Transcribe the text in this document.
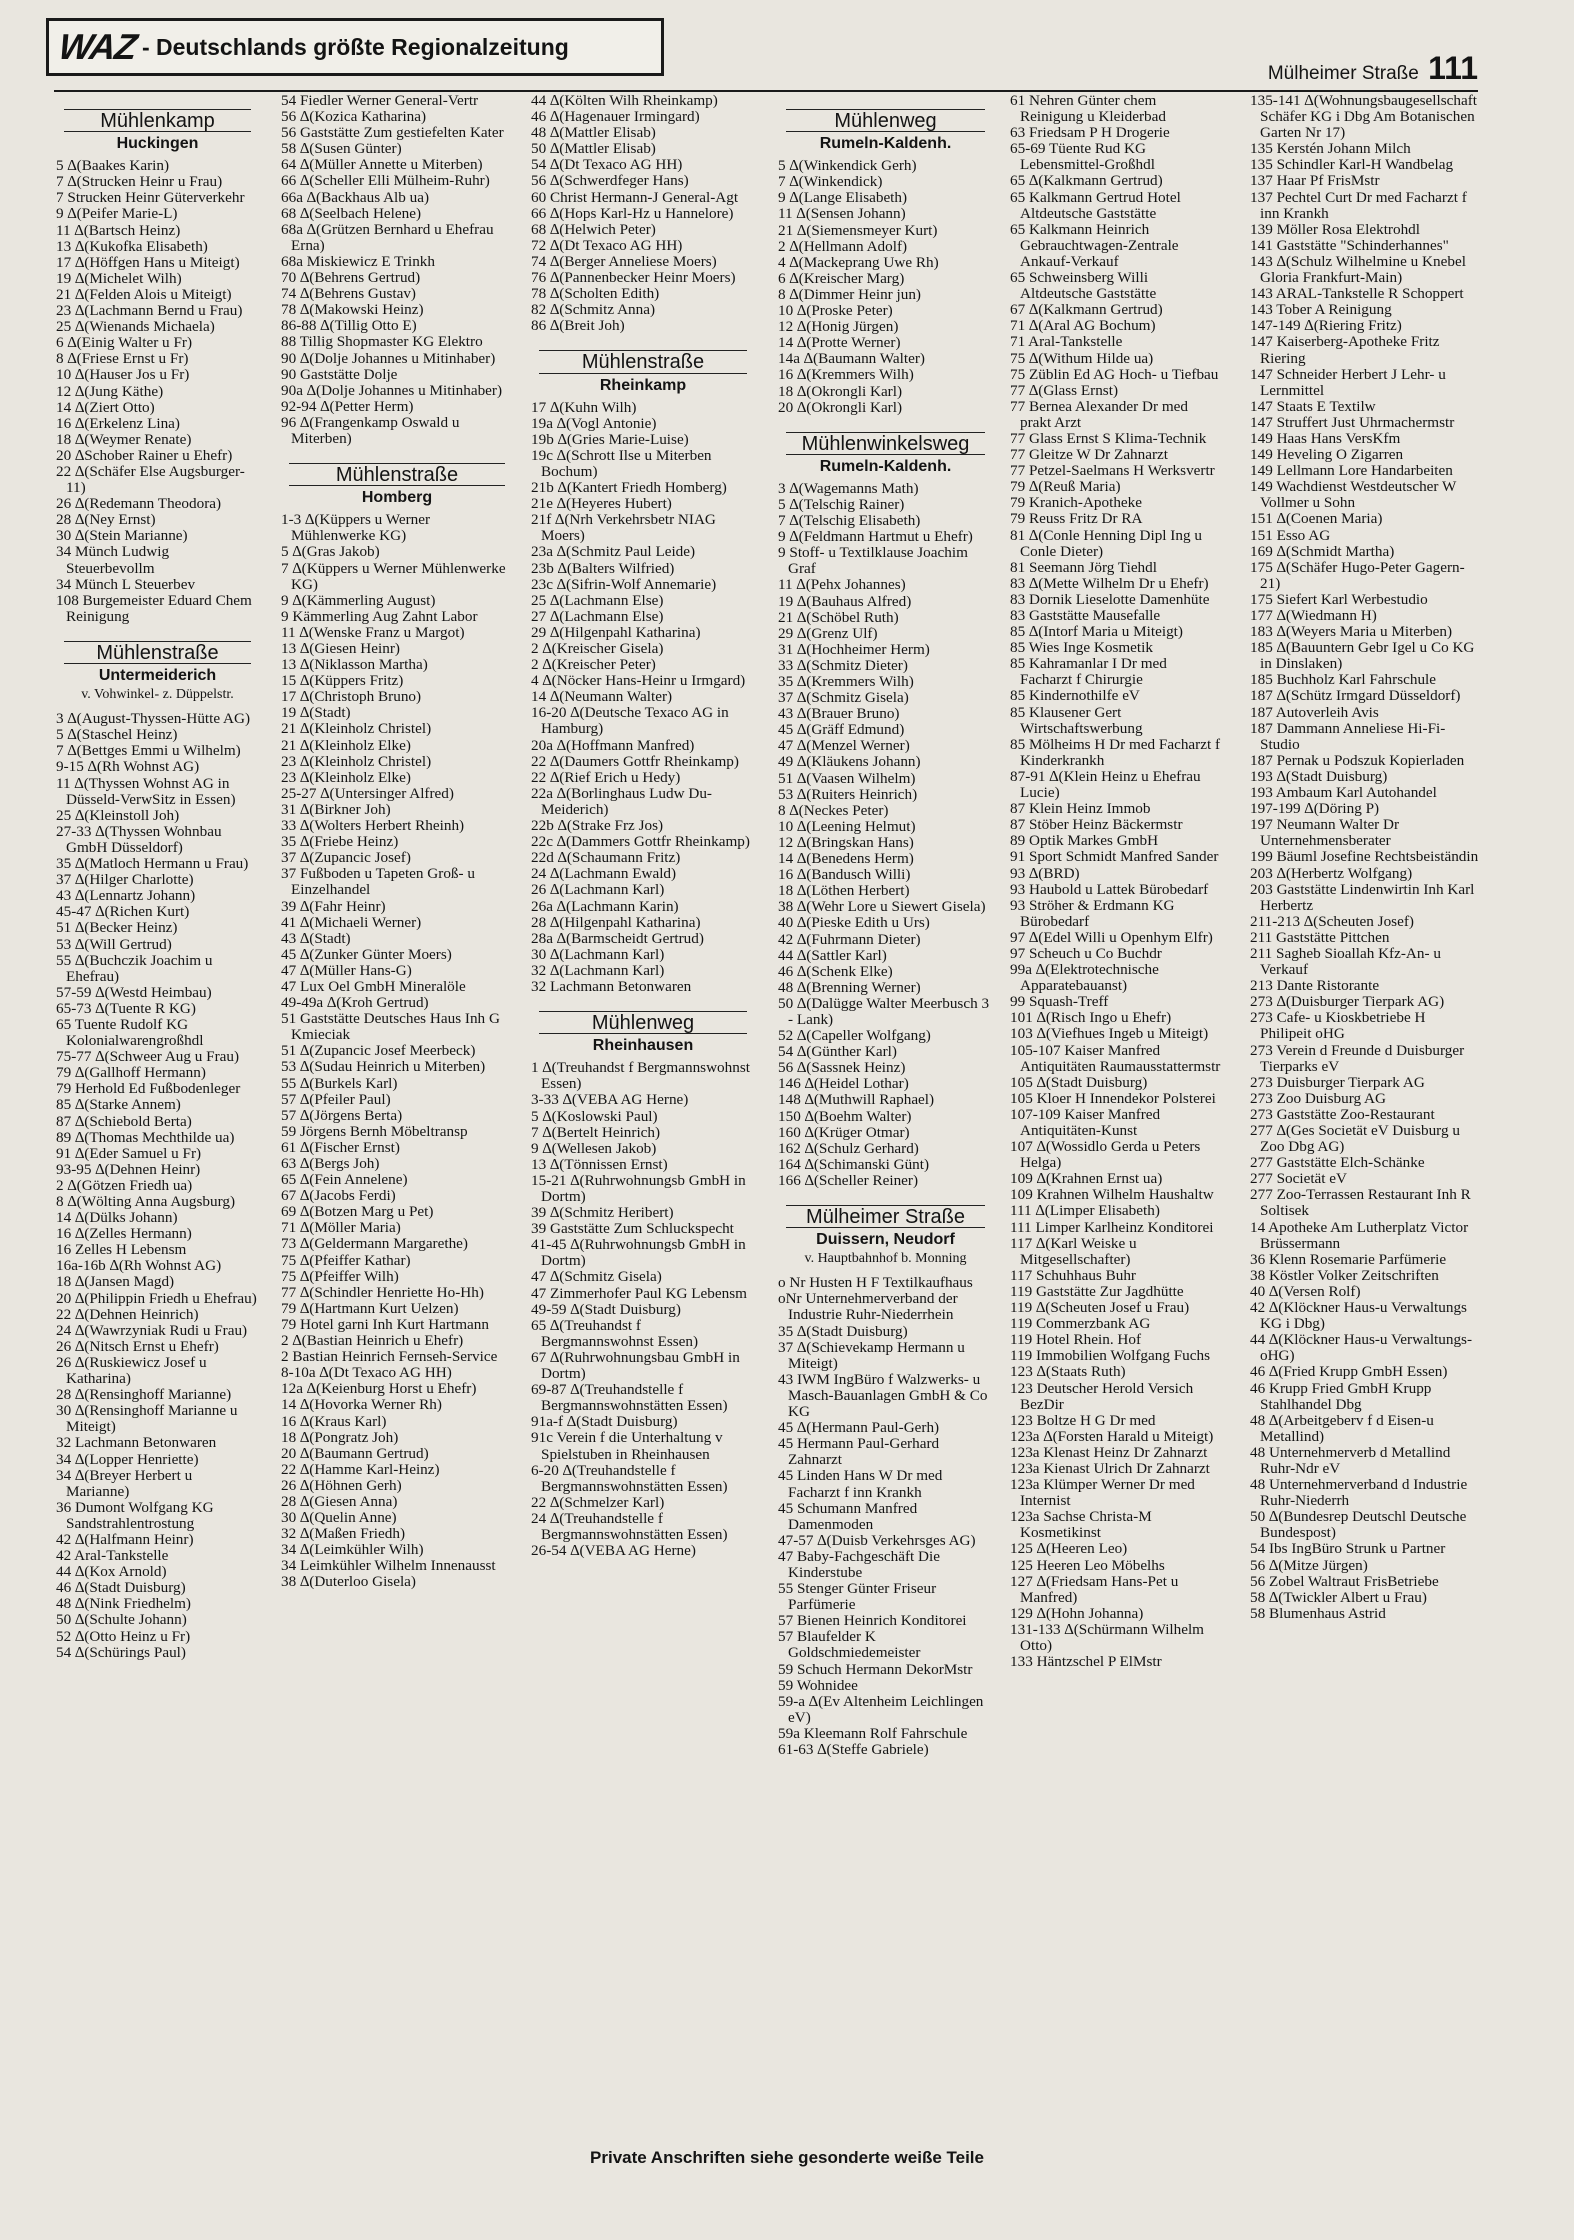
WAZ - Deutschlands größte Regionalzeitung
Mülheimer Straße 111
Mühlenkamp
Huckingen
5 ∆(Baakes Karin)
7 ∆(Strucken Heinr u Frau)
7 Strucken Heinr Güterverkehr
9 ∆(Peifer Marie-L)
11 ∆(Bartsch Heinz)
13 ∆(Kukofka Elisabeth)
17 ∆(Höffgen Hans u Miteigt)
19 ∆(Michelet Wilh)
21 ∆(Felden Alois u Miteigt)
23 ∆(Lachmann Bernd u Frau)
25 ∆(Wienands Michaela)
6 ∆(Einig Walter u Fr)
8 ∆(Friese Ernst u Fr)
10 ∆(Hauser Jos u Fr)
12 ∆(Jung Käthe)
14 ∆(Ziert Otto)
16 ∆(Erkelenz Lina)
18 ∆(Weymer Renate)
20 ∆Schober Rainer u Ehefr)
22 ∆(Schäfer Else Augsburger-11)
26 ∆(Redemann Theodora)
28 ∆(Ney Ernst)
30 ∆(Stein Marianne)
34 Münch Ludwig Steuerbevollm
34 Münch L Steuerbev
108 Burgemeister Eduard Chem Reinigung
Mühlenstraße
Untermeiderich
v. Vohwinkel- z. Düppelstr.
3 ∆(August-Thyssen-Hütte AG)
5 ∆(Staschel Heinz)
7 ∆(Bettges Emmi u Wilhelm)
9-15 ∆(Rh Wohnst AG)
11 ∆(Thyssen Wohnst AG in Düsseld-VerwSitz in Essen)
25 ∆(Kleinstoll Joh)
27-33 ∆(Thyssen Wohnbau GmbH Düsseldorf)
35 ∆(Matloch Hermann u Frau)
37 ∆(Hilger Charlotte)
43 ∆(Lennartz Johann)
45-47 ∆(Richen Kurt)
51 ∆(Becker Heinz)
53 ∆(Will Gertrud)
55 ∆(Buchczik Joachim u Ehefrau)
57-59 ∆(Westd Heimbau)
65-73 ∆(Tuente R KG)
65 Tuente Rudolf KG Kolonialwarengroßhdl
75-77 ∆(Schweer Aug u Frau)
79 ∆(Gallhoff Hermann)
79 Herhold Ed Fußbodenleger
85 ∆(Starke Annem)
87 ∆(Schiebold Berta)
89 ∆(Thomas Mechthilde ua)
91 ∆(Eder Samuel u Fr)
93-95 ∆(Dehnen Heinr)
2 ∆(Götzen Friedh ua)
8 ∆(Wölting Anna Augsburg)
14 ∆(Dülks Johann)
16 ∆(Zelles Hermann)
16 Zelles H Lebensm
16a-16b ∆(Rh Wohnst AG)
18 ∆(Jansen Magd)
20 ∆(Philippin Friedh u Ehefrau)
22 ∆(Dehnen Heinrich)
24 ∆(Wawrzyniak Rudi u Frau)
26 ∆(Nitsch Ernst u Ehefr)
26 ∆(Ruskiewicz Josef u Katharina)
28 ∆(Rensinghoff Marianne)
30 ∆(Rensinghoff Marianne u Miteigt)
32 Lachmann Betonwaren
34 ∆(Lopper Henriette)
34 ∆(Breyer Herbert u Marianne)
36 Dumont Wolfgang KG Sandstrahlentrostung
42 ∆(Halfmann Heinr)
42 Aral-Tankstelle
44 ∆(Kox Arnold)
46 ∆(Stadt Duisburg)
48 ∆(Nink Friedhelm)
50 ∆(Schulte Johann)
52 ∆(Otto Heinz u Fr)
54 ∆(Schürings Paul)
54 Fiedler Werner General-Vertr
56 ∆(Kozica Katharina)
56 Gaststätte Zum gestiefelten Kater
58 ∆(Susen Günter)
64 ∆(Müller Annette u Miterben)
66 ∆(Scheller Elli Mülheim-Ruhr)
66a ∆(Backhaus Alb ua)
68 ∆(Seelbach Helene)
68a ∆(Grützen Bernhard u Ehefrau Erna)
68a Miskiewicz E Trinkh
70 ∆(Behrens Gertrud)
74 ∆(Behrens Gustav)
78 ∆(Makowski Heinz)
86-88 ∆(Tillig Otto E)
88 Tillig Shopmaster KG Elektro
90 ∆(Dolje Johannes u Mitinhaber)
90 Gaststätte Dolje
90a ∆(Dolje Johannes u Mitinhaber)
92-94 ∆(Petter Herm)
96 ∆(Frangenkamp Oswald u Miterben)
Mühlenstraße
Homberg
1-3 ∆(Küppers u Werner Mühlenwerke KG)
5 ∆(Gras Jakob)
7 ∆(Küppers u Werner Mühlenwerke KG)
9 ∆(Kämmerling August)
9 Kämmerling Aug Zahnt Labor
11 ∆(Wenske Franz u Margot)
13 ∆(Giesen Heinr)
13 ∆(Niklasson Martha)
15 ∆(Küppers Fritz)
17 ∆(Christoph Bruno)
19 ∆(Stadt)
21 ∆(Kleinholz Christel)
21 ∆(Kleinholz Elke)
23 ∆(Kleinholz Christel)
23 ∆(Kleinholz Elke)
25-27 ∆(Untersinger Alfred)
31 ∆(Birkner Joh)
33 ∆(Wolters Herbert Rheinh)
35 ∆(Friebe Heinz)
37 ∆(Zupancic Josef)
37 Fußboden u Tapeten Groß- u Einzelhandel
39 ∆(Fahr Heinr)
41 ∆(Michaeli Werner)
43 ∆(Stadt)
45 ∆(Zunker Günter Moers)
47 ∆(Müller Hans-G)
47 Lux Oel GmbH Mineralöle
49-49a ∆(Kroh Gertrud)
51 Gaststätte Deutsches Haus Inh G Kmieciak
51 ∆(Zupancic Josef Meerbeck)
53 ∆(Sudau Heinrich u Miterben)
55 ∆(Burkels Karl)
57 ∆(Pfeiler Paul)
57 ∆(Jörgens Berta)
59 Jörgens Bernh Möbeltransp
61 ∆(Fischer Ernst)
63 ∆(Bergs Joh)
65 ∆(Fein Annelene)
67 ∆(Jacobs Ferdi)
69 ∆(Botzen Marg u Pet)
71 ∆(Möller Maria)
73 ∆(Geldermann Margarethe)
75 ∆(Pfeiffer Kathar)
75 ∆(Pfeiffer Wilh)
77 ∆(Schindler Henriette Ho-Hh)
79 ∆(Hartmann Kurt Uelzen)
79 Hotel garni Inh Kurt Hartmann
2 ∆(Bastian Heinrich u Ehefr)
2 Bastian Heinrich Fernseh-Service
8-10a ∆(Dt Texaco AG HH)
12a ∆(Keienburg Horst u Ehefr)
14 ∆(Hovorka Werner Rh)
16 ∆(Kraus Karl)
18 ∆(Pongratz Joh)
20 ∆(Baumann Gertrud)
22 ∆(Hamme Karl-Heinz)
26 ∆(Höhnen Gerh)
28 ∆(Giesen Anna)
30 ∆(Quelin Anne)
32 ∆(Maßen Friedh)
34 ∆(Leimkühler Wilh)
34 Leimkühler Wilhelm Innenausst
38 ∆(Duterloo Gisela)
44 ∆(Költen Wilh Rheinkamp)
46 ∆(Hagenauer Irmingard)
48 ∆(Mattler Elisab)
50 ∆(Mattler Elisab)
54 ∆(Dt Texaco AG HH)
56 ∆(Schwerdfeger Hans)
60 Christ Hermann-J General-Agt
66 ∆(Hops Karl-Hz u Hannelore)
68 ∆(Helwich Peter)
72 ∆(Dt Texaco AG HH)
74 ∆(Berger Anneliese Moers)
76 ∆(Pannenbecker Heinr Moers)
78 ∆(Scholten Edith)
82 ∆(Schmitz Anna)
86 ∆(Breit Joh)
Mühlenstraße
Rheinkamp
17 ∆(Kuhn Wilh)
19a ∆(Vogl Antonie)
19b ∆(Gries Marie-Luise)
19c ∆(Schrott Ilse u Miterben Bochum)
21b ∆(Kantert Friedh Homberg)
21e ∆(Heyeres Hubert)
21f ∆(Nrh Verkehrsbetr NIAG Moers)
23a ∆(Schmitz Paul Leide)
23b ∆(Balters Wilfried)
23c ∆(Sifrin-Wolf Annemarie)
25 ∆(Lachmann Else)
27 ∆(Lachmann Else)
29 ∆(Hilgenpahl Katharina)
2 ∆(Kreischer Gisela)
2 ∆(Kreischer Peter)
4 ∆(Nöcker Hans-Heinr u Irmgard)
14 ∆(Neumann Walter)
16-20 ∆(Deutsche Texaco AG in Hamburg)
20a ∆(Hoffmann Manfred)
22 ∆(Daumers Gottfr Rheinkamp)
22 ∆(Rief Erich u Hedy)
22a ∆(Borlinghaus Ludw Du-Meiderich)
22b ∆(Strake Frz Jos)
22c ∆(Dammers Gottfr Rheinkamp)
22d ∆(Schaumann Fritz)
24 ∆(Lachmann Ewald)
26 ∆(Lachmann Karl)
26a ∆(Lachmann Karin)
28 ∆(Hilgenpahl Katharina)
28a ∆(Barmscheidt Gertrud)
30 ∆(Lachmann Karl)
32 ∆(Lachmann Karl)
32 Lachmann Betonwaren
Mühlenweg
Rheinhausen
1 ∆(Treuhandst f Bergmannswohnst Essen)
3-33 ∆(VEBA AG Herne)
5 ∆(Koslowski Paul)
7 ∆(Bertelt Heinrich)
9 ∆(Wellesen Jakob)
13 ∆(Tönnissen Ernst)
15-21 ∆(Ruhrwohnungsb GmbH in Dortm)
39 ∆(Schmitz Heribert)
39 Gaststätte Zum Schluckspecht
41-45 ∆(Ruhrwohnungsb GmbH in Dortm)
47 ∆(Schmitz Gisela)
47 Zimmerhofer Paul KG Lebensm
49-59 ∆(Stadt Duisburg)
65 ∆(Treuhandst f Bergmannswohnst Essen)
67 ∆(Ruhrwohnungsbau GmbH in Dortm)
69-87 ∆(Treuhandstelle f Bergmannswohnstätten Essen)
91a-f ∆(Stadt Duisburg)
91c Verein f die Unterhaltung v Spielstuben in Rheinhausen
6-20 ∆(Treuhandstelle f Bergmannswohnstätten Essen)
22 ∆(Schmelzer Karl)
24 ∆(Treuhandstelle f Bergmannswohnstätten Essen)
26-54 ∆(VEBA AG Herne)
Mühlenweg
Rumeln-Kaldenh.
5 ∆(Winkendick Gerh)
7 ∆(Winkendick)
9 ∆(Lange Elisabeth)
11 ∆(Sensen Johann)
21 ∆(Siemensmeyer Kurt)
2 ∆(Hellmann Adolf)
4 ∆(Mackeprang Uwe Rh)
6 ∆(Kreischer Marg)
8 ∆(Dimmer Heinr jun)
10 ∆(Proske Peter)
12 ∆(Honig Jürgen)
14 ∆(Protte Werner)
14a ∆(Baumann Walter)
16 ∆(Kremmers Wilh)
18 ∆(Okrongli Karl)
20 ∆(Okrongli Karl)
Mühlenwinkelsweg
Rumeln-Kaldenh.
3 ∆(Wagemanns Math)
5 ∆(Telschig Rainer)
7 ∆(Telschig Elisabeth)
9 ∆(Feldmann Hartmut u Ehefr)
9 Stoff- u Textilklause Joachim Graf
11 ∆(Pehx Johannes)
19 ∆(Bauhaus Alfred)
21 ∆(Schöbel Ruth)
29 ∆(Grenz Ulf)
31 ∆(Hochheimer Herm)
33 ∆(Schmitz Dieter)
35 ∆(Kremmers Wilh)
37 ∆(Schmitz Gisela)
43 ∆(Brauer Bruno)
45 ∆(Gräff Edmund)
47 ∆(Menzel Werner)
49 ∆(Kläukens Johann)
51 ∆(Vaasen Wilhelm)
53 ∆(Ruiters Heinrich)
8 ∆(Neckes Peter)
10 ∆(Leening Helmut)
12 ∆(Bringskan Hans)
14 ∆(Benedens Herm)
16 ∆(Bandusch Willi)
18 ∆(Löthen Herbert)
38 ∆(Wehr Lore u Siewert Gisela)
40 ∆(Pieske Edith u Urs)
42 ∆(Fuhrmann Dieter)
44 ∆(Sattler Karl)
46 ∆(Schenk Elke)
48 ∆(Brenning Werner)
50 ∆(Dalügge Walter Meerbusch 3 - Lank)
52 ∆(Capeller Wolfgang)
54 ∆(Günther Karl)
56 ∆(Sassnek Heinz)
146 ∆(Heidel Lothar)
148 ∆(Muthwill Raphael)
150 ∆(Boehm Walter)
160 ∆(Krüger Otmar)
162 ∆(Schulz Gerhard)
164 ∆(Schimanski Günt)
166 ∆(Scheller Reiner)
Mülheimer Straße
Duissern, Neudorf
v. Hauptbahnhof b. Monning
o Nr Husten H F Textilkaufhaus
oNr Unternehmerverband der Industrie Ruhr-Niederrhein
35 ∆(Stadt Duisburg)
37 ∆(Schievekamp Hermann u Miteigt)
43 IWM IngBüro f Walzwerks- u Masch-Bauanlagen GmbH & Co KG
45 ∆(Hermann Paul-Gerh)
45 Hermann Paul-Gerhard Zahnarzt
45 Linden Hans W Dr med Facharzt f inn Krankh
45 Schumann Manfred Damenmoden
47-57 ∆(Duisb Verkehrsges AG)
47 Baby-Fachgeschäft Die Kinderstube
55 Stenger Günter Friseur Parfümerie
57 Bienen Heinrich Konditorei
57 Blaufelder K Goldschmiedemeister
59 Schuch Hermann DekorMstr
59 Wohnidee
59-a ∆(Ev Altenheim Leichlingen eV)
59a Kleemann Rolf Fahrschule
61-63 ∆(Steffe Gabriele)
61 Nehren Günter chem Reinigung u Kleiderbad
63 Friedsam P H Drogerie
65-69 Tüente Rud KG Lebensmittel-Großhdl
65 ∆(Kalkmann Gertrud)
65 Kalkmann Gertrud Hotel Altdeutsche Gaststätte
65 Kalkmann Heinrich Gebrauchtwagen-Zentrale Ankauf-Verkauf
65 Schweinsberg Willi Altdeutsche Gaststätte
67 ∆(Kalkmann Gertrud)
71 ∆(Aral AG Bochum)
71 Aral-Tankstelle
75 ∆(Withum Hilde ua)
75 Züblin Ed AG Hoch- u Tiefbau
77 ∆(Glass Ernst)
77 Bernea Alexander Dr med prakt Arzt
77 Glass Ernst S Klima-Technik
77 Gleitze W Dr Zahnarzt
77 Petzel-Saelmans H Werksvertr
79 ∆(Reuß Maria)
79 Kranich-Apotheke
79 Reuss Fritz Dr RA
81 ∆(Conle Henning Dipl Ing u Conle Dieter)
81 Seemann Jörg Tiehdl
83 ∆(Mette Wilhelm Dr u Ehefr)
83 Dornik Lieselotte Damenhüte
83 Gaststätte Mausefalle
85 ∆(Intorf Maria u Miteigt)
85 Wies Inge Kosmetik
85 Kahramanlar I Dr med Facharzt f Chirurgie
85 Kindernothilfe eV
85 Klausener Gert Wirtschaftswerbung
85 Mölheims H Dr med Facharzt f Kinderkrankh
87-91 ∆(Klein Heinz u Ehefrau Lucie)
87 Klein Heinz Immob
87 Stöber Heinz Bäckermstr
89 Optik Markes GmbH
91 Sport Schmidt Manfred Sander
93 ∆(BRD)
93 Haubold u Lattek Bürobedarf
93 Ströher & Erdmann KG Bürobedarf
97 ∆(Edel Willi u Openhym Elfr)
97 Scheuch u Co Buchdr
99a ∆(Elektrotechnische Apparatebauanst)
99 Squash-Treff
101 ∆(Risch Ingo u Ehefr)
103 ∆(Viefhues Ingeb u Miteigt)
105-107 Kaiser Manfred Antiquitäten Raumausstattermstr
105 ∆(Stadt Duisburg)
105 Kloer H Innendekor Polsterei
107-109 Kaiser Manfred Antiquitäten-Kunst
107 ∆(Wossidlo Gerda u Peters Helga)
109 ∆(Krahnen Ernst ua)
109 Krahnen Wilhelm Haushaltw
111 ∆(Limper Elisabeth)
111 Limper Karlheinz Konditorei
117 ∆(Karl Weiske u Mitgesellschafter)
117 Schuhhaus Buhr
119 Gaststätte Zur Jagdhütte
119 ∆(Scheuten Josef u Frau)
119 Commerzbank AG
119 Hotel Rhein. Hof
119 Immobilien Wolfgang Fuchs
123 ∆(Staats Ruth)
123 Deutscher Herold Versich BezDir
123 Boltze H G Dr med
123a ∆(Forsten Harald u Miteigt)
123a Klenast Heinz Dr Zahnarzt
123a Kienast Ulrich Dr Zahnarzt
123a Klümper Werner Dr med Internist
123a Sachse Christa-M Kosmetikinst
125 ∆(Heeren Leo)
125 Heeren Leo Möbelhs
127 ∆(Friedsam Hans-Pet u Manfred)
129 ∆(Hohn Johanna)
131-133 ∆(Schürmann Wilhelm Otto)
133 Häntzschel P ElMstr
135-141 ∆(Wohnungsbaugesellschaft Schäfer KG i Dbg Am Botanischen Garten Nr 17)
135 Kerstén Johann Milch
135 Schindler Karl-H Wandbelag
137 Haar Pf FrisMstr
137 Pechtel Curt Dr med Facharzt f inn Krankh
139 Möller Rosa Elektrohdl
141 Gaststätte "Schinderhannes"
143 ∆(Schulz Wilhelmine u Knebel Gloria Frankfurt-Main)
143 ARAL-Tankstelle R Schoppert
143 Tober A Reinigung
147-149 ∆(Riering Fritz)
147 Kaiserberg-Apotheke Fritz Riering
147 Schneider Herbert J Lehr- u Lernmittel
147 Staats E Textilw
147 Struffert Just Uhrmachermstr
149 Haas Hans VersKfm
149 Heveling O Zigarren
149 Lellmann Lore Handarbeiten
149 Wachdienst Westdeutscher W Vollmer u Sohn
151 ∆(Coenen Maria)
151 Esso AG
169 ∆(Schmidt Martha)
175 ∆(Schäfer Hugo-Peter Gagern-21)
175 Siefert Karl Werbestudio
177 ∆(Wiedmann H)
183 ∆(Weyers Maria u Miterben)
185 ∆(Bauuntern Gebr Igel u Co KG in Dinslaken)
185 Buchholz Karl Fahrschule
187 ∆(Schütz Irmgard Düsseldorf)
187 Autoverleih Avis
187 Dammann Anneliese Hi-Fi-Studio
187 Pernak u Podszuk Kopierladen
193 ∆(Stadt Duisburg)
193 Ambaum Karl Autohandel
197-199 ∆(Döring P)
197 Neumann Walter Dr Unternehmensberater
199 Bäuml Josefine Rechtsbeiständin
203 ∆(Herbertz Wolfgang)
203 Gaststätte Lindenwirtin Inh Karl Herbertz
211-213 ∆(Scheuten Josef)
211 Gaststätte Pittchen
211 Sagheb Sioallah Kfz-An- u Verkauf
213 Dante Ristorante
273 ∆(Duisburger Tierpark AG)
273 Cafe- u Kioskbetriebe H Philipeit oHG
273 Verein d Freunde d Duisburger Tierparks eV
273 Duisburger Tierpark AG
273 Zoo Duisburg AG
273 Gaststätte Zoo-Restaurant
277 ∆(Ges Societät eV Duisburg u Zoo Dbg AG)
277 Gaststätte Elch-Schänke
277 Societät eV
277 Zoo-Terrassen Restaurant Inh R Soltisek
14 Apotheke Am Lutherplatz Victor Brüssermann
36 Klenn Rosemarie Parfümerie
38 Köstler Volker Zeitschriften
40 ∆(Versen Rolf)
42 ∆(Klöckner Haus-u Verwaltungs KG i Dbg)
44 ∆(Klöckner Haus-u Verwaltungs-oHG)
46 ∆(Fried Krupp GmbH Essen)
46 Krupp Fried GmbH Krupp Stahlhandel Dbg
48 ∆(Arbeitgeberv f d Eisen-u Metallind)
48 Unternehmerverb d Metallind Ruhr-Ndr eV
48 Unternehmerverband d Industrie Ruhr-Niederrh
50 ∆(Bundesrep Deutschl Deutsche Bundespost)
54 Ibs IngBüro Strunk u Partner
56 ∆(Mitze Jürgen)
56 Zobel Waltraut FrisBetriebe
58 ∆(Twickler Albert u Frau)
58 Blumenhaus Astrid
Private Anschriften siehe gesonderte weiße Teile
